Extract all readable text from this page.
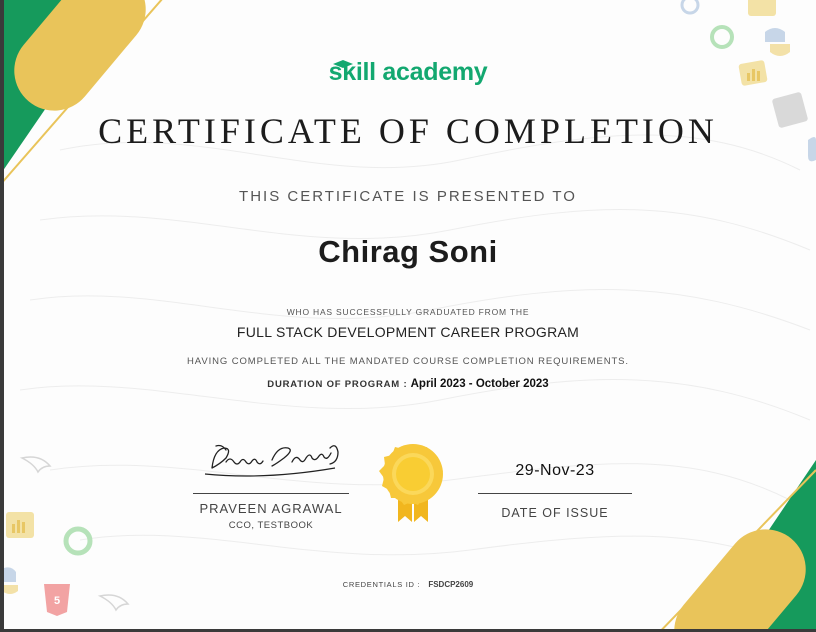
5
skill academy
CERTIFICATE OF COMPLETION
THIS CERTIFICATE IS PRESENTED TO
Chirag Soni
WHO HAS SUCCESSFULLY GRADUATED FROM THE
FULL STACK DEVELOPMENT CAREER PROGRAM
HAVING COMPLETED ALL THE MANDATED COURSE COMPLETION REQUIREMENTS.
DURATION OF PROGRAM : April 2023 - October 2023
PRAVEEN AGRAWAL
CCO, TESTBOOK
29-Nov-23
DATE OF ISSUE
CREDENTIALS ID : FSDCP2609
